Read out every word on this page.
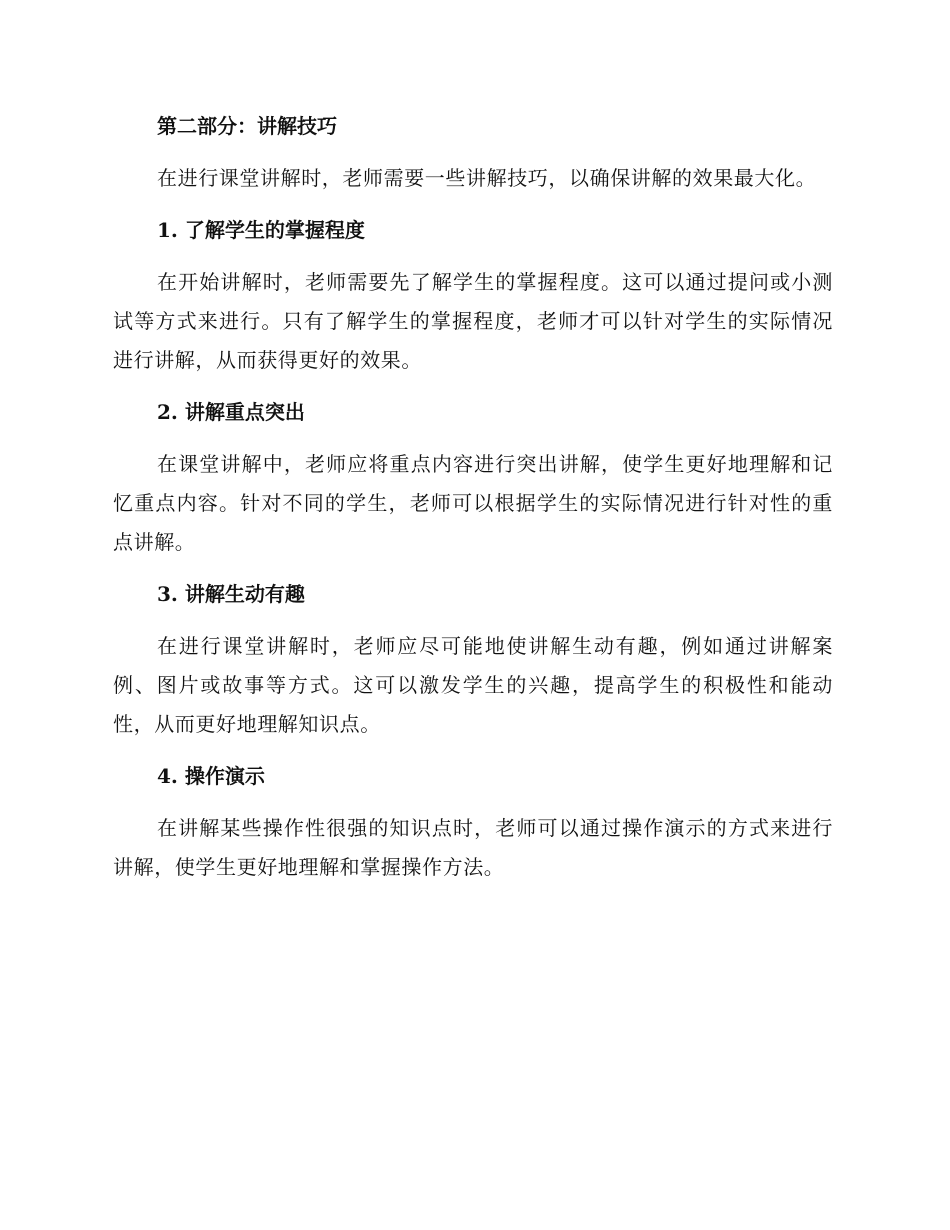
第二部分：讲解技巧

在进行课堂讲解时，老师需要一些讲解技巧，以确保讲解的效果最大化。

1. 了解学生的掌握程度

在开始讲解时，老师需要先了解学生的掌握程度。这可以通过提问或小测试等方式来进行。只有了解学生的掌握程度，老师才可以针对学生的实际情况进行讲解，从而获得更好的效果。

2. 讲解重点突出

在课堂讲解中，老师应将重点内容进行突出讲解，使学生更好地理解和记忆重点内容。针对不同的学生，老师可以根据学生的实际情况进行针对性的重点讲解。

3. 讲解生动有趣

在进行课堂讲解时，老师应尽可能地使讲解生动有趣，例如通过讲解案例、图片或故事等方式。这可以激发学生的兴趣，提高学生的积极性和能动性，从而更好地理解知识点。

4. 操作演示

在讲解某些操作性很强的知识点时，老师可以通过操作演示的方式来进行讲解，使学生更好地理解和掌握操作方法。
